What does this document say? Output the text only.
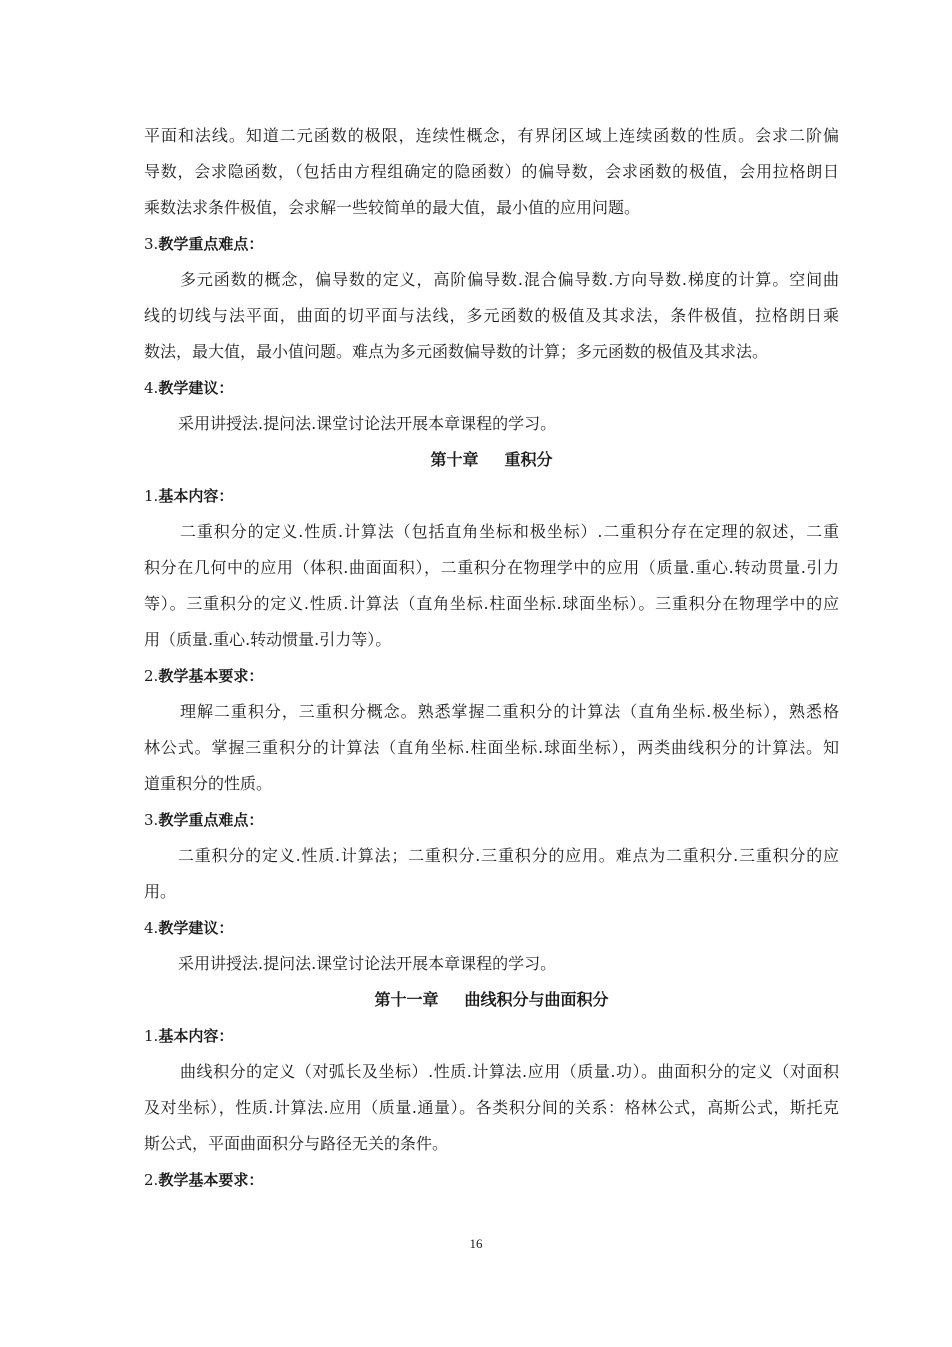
平面和法线。知道二元函数的极限，连续性概念，有界闭区域上连续函数的性质。会求二阶偏
导数，会求隐函数，（包括由方程组确定的隐函数）的偏导数，会求函数的极值，会用拉格朗日
乘数法求条件极值，会求解一些较简单的最大值，最小值的应用问题。
3.教学重点难点：
多元函数的概念，偏导数的定义，高阶偏导数.混合偏导数.方向导数.梯度的计算。空间曲
线的切线与法平面，曲面的切平面与法线，多元函数的极值及其求法，条件极值，拉格朗日乘
数法，最大值，最小值问题。难点为多元函数偏导数的计算；多元函数的极值及其求法。
4.教学建议：
采用讲授法.提问法.课堂讨论法开展本章课程的学习。
第十章 重积分
1.基本内容：
二重积分的定义.性质.计算法（包括直角坐标和极坐标）.二重积分存在定理的叙述，二重
积分在几何中的应用（体积.曲面面积），二重积分在物理学中的应用（质量.重心.转动贯量.引力
等）。三重积分的定义.性质.计算法（直角坐标.柱面坐标.球面坐标）。三重积分在物理学中的应
用（质量.重心.转动惯量.引力等）。
2.教学基本要求：
理解二重积分，三重积分概念。熟悉掌握二重积分的计算法（直角坐标.极坐标），熟悉格
林公式。掌握三重积分的计算法（直角坐标.柱面坐标.球面坐标），两类曲线积分的计算法。知
道重积分的性质。
3.教学重点难点：
二重积分的定义.性质.计算法；二重积分.三重积分的应用。难点为二重积分.三重积分的应
用。
4.教学建议：
采用讲授法.提问法.课堂讨论法开展本章课程的学习。
第十一章 曲线积分与曲面积分
1.基本内容：
曲线积分的定义（对弧长及坐标）.性质.计算法.应用（质量.功）。曲面积分的定义（对面积
及对坐标），性质.计算法.应用（质量.通量）。各类积分间的关系：格林公式，高斯公式，斯托克
斯公式，平面曲面积分与路径无关的条件。
2.教学基本要求：
16
